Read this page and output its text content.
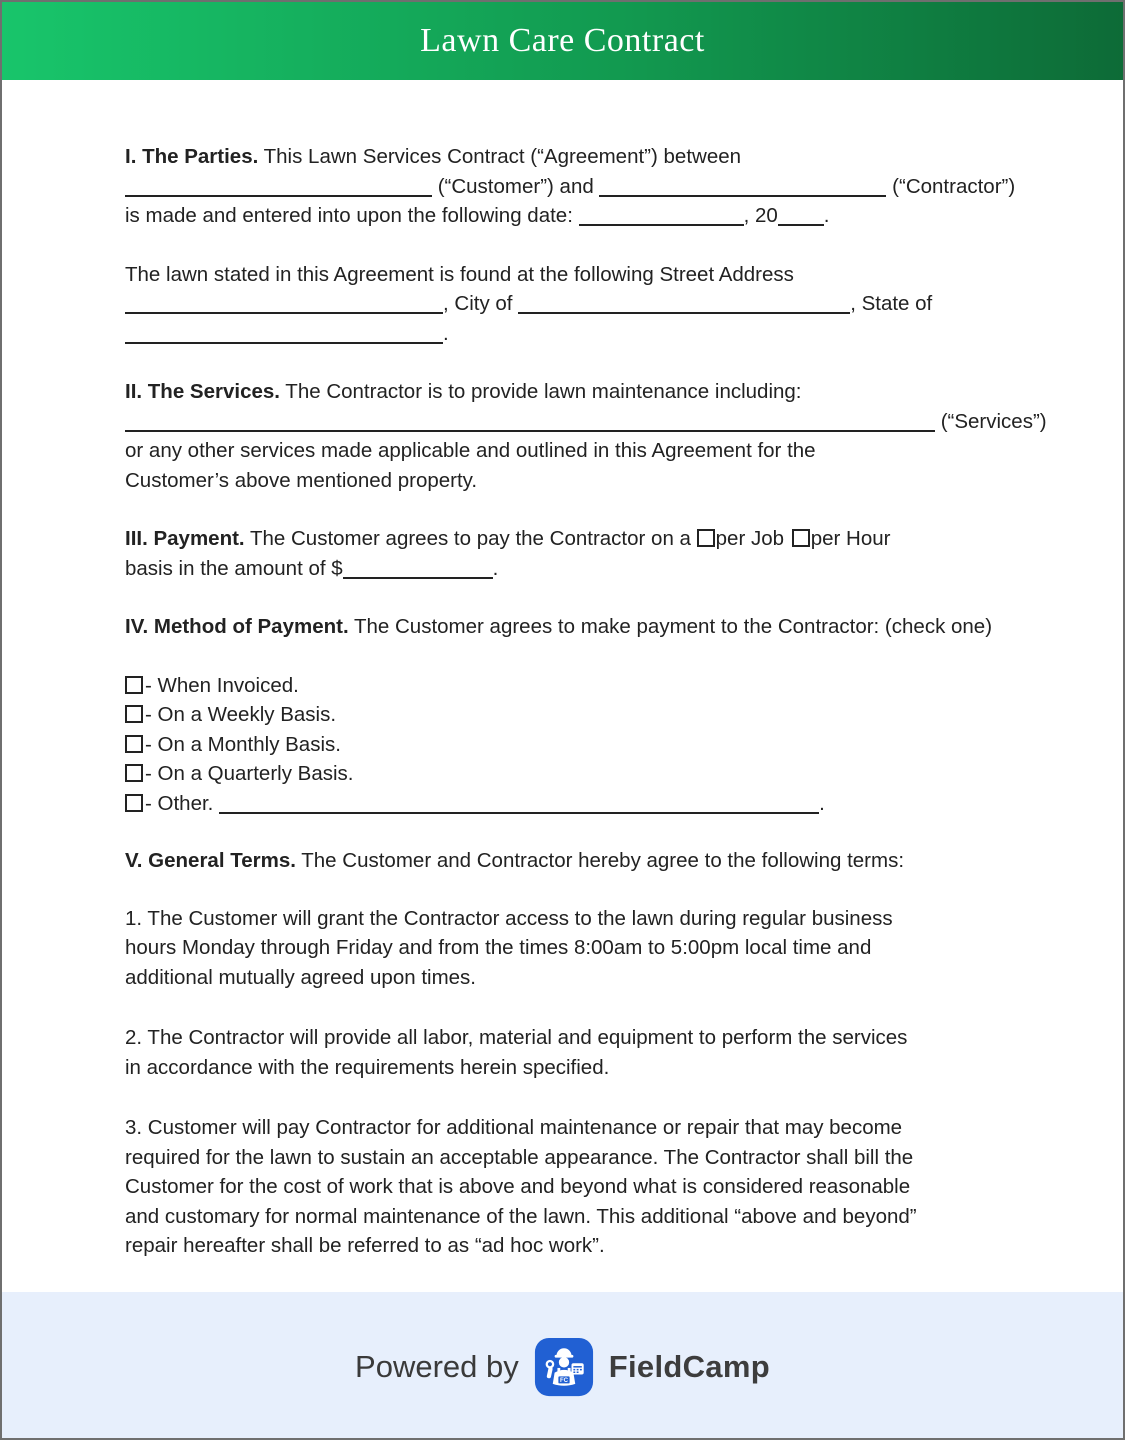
Lawn Care Contract

I. The Parties. This Lawn Services Contract (“Agreement”) between
(“Customer”) and	(“Contractor”)
is made and entered into upon the following date:	, 20 .

The lawn stated in this Agreement is found at the following Street Address
, City of	, State of
.

II. The Services. The Contractor is to provide lawn maintenance including:
(“Services”)
or any other services made applicable and outlined in this Agreement for the
Customer’s above mentioned property.

III. Payment. The Customer agrees to pay the Contractor on a per Job per Hour
basis in the amount of $	.

IV. Method of Payment. The Customer agrees to make payment to the Contractor: (check one)

- When Invoiced.
- On a Weekly Basis.
- On a Monthly Basis.
- On a Quarterly Basis.
- Other.	.

V. General Terms. The Customer and Contractor hereby agree to the following terms:

1. The Customer will grant the Contractor access to the lawn during regular business
hours Monday through Friday and from the times 8:00am to 5:00pm local time and
additional mutually agreed upon times.

2. The Contractor will provide all labor, material and equipment to perform the services
in accordance with the requirements herein specified.

3. Customer will pay Contractor for additional maintenance or repair that may become
required for the lawn to sustain an acceptable appearance. The Contractor shall bill the
Customer for the cost of work that is above and beyond what is considered reasonable
and customary for normal maintenance of the lawn. This additional “above and beyond”
repair hereafter shall be referred to as “ad hoc work”.

Powered by	FC FieldCamp
